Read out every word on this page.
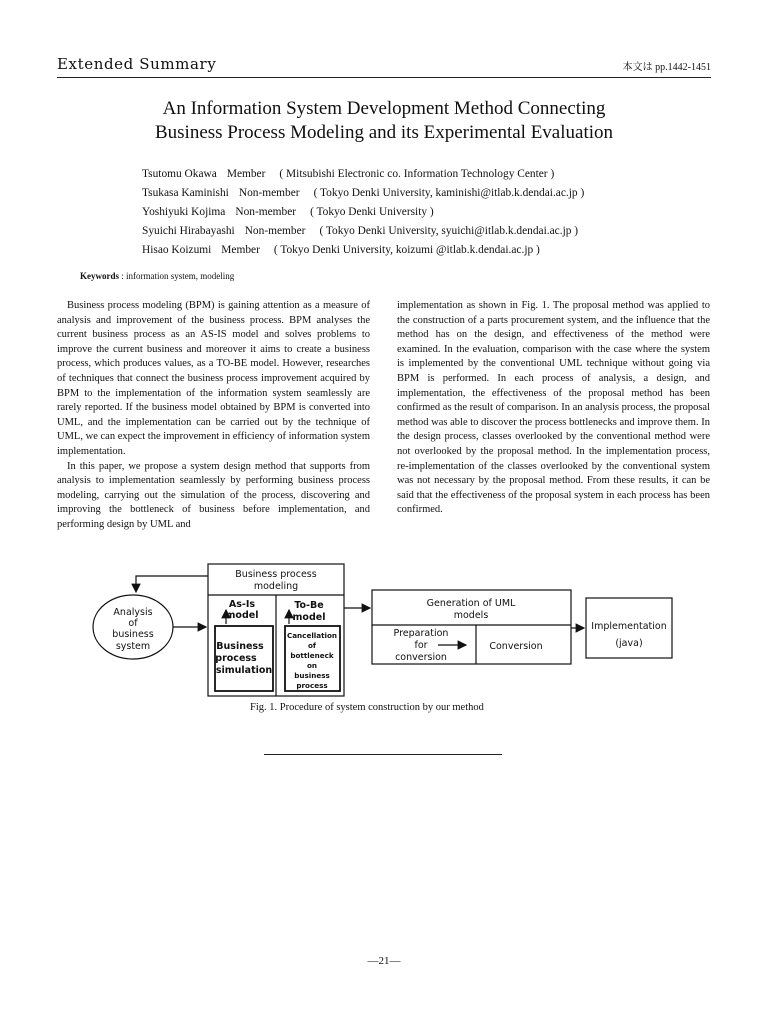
Extended Summary	本文は pp.1442-1451
An Information System Development Method Connecting
Business Process Modeling and its Experimental Evaluation
Tsutomu Okawa Member ( Mitsubishi Electronic co. Information Technology Center )
Tsukasa Kaminishi Non-member ( Tokyo Denki University, kaminishi@itlab.k.dendai.ac.jp )
Yoshiyuki Kojima Non-member ( Tokyo Denki University )
Syuichi Hirabayashi Non-member ( Tokyo Denki University, syuichi@itlab.k.dendai.ac.jp )
Hisao Koizumi Member ( Tokyo Denki University, koizumi @itlab.k.dendai.ac.jp )
Keywords : information system, modeling

Business process modeling (BPM) is gaining attention as a measure of analysis and improvement of the business process. BPM analyses the current business process as an AS-IS model and solves problems to improve the current business and moreover it aims to create a business process, which produces values, as a TO-BE model. However, researches of techniques that connect the business process improvement acquired by BPM to the implementation of the information system seamlessly are rarely reported. If the business model obtained by BPM is converted into UML, and the implementation can be carried out by the technique of UML, we can expect the improvement in efficiency of information system implementation.

In this paper, we propose a system design method that supports from analysis to implementation seamlessly by performing business process modeling, carrying out the simulation of the process, discovering and improving the bottleneck of business before implementation, and performing design by UML and

implementation as shown in Fig. 1. The proposal method was applied to the construction of a parts procurement system, and the influence that the method has on the design, and effectiveness of the method were examined. In the evaluation, comparison with the case where the system is implemented by the conventional UML technique without going via BPM is performed. In each process of analysis, a design, and implementation, the effectiveness of the proposal method has been confirmed as the result of comparison. In an analysis process, the proposal method was able to discover the process bottlenecks and improve them. In the design process, classes overlooked by the conventional method were not overlooked by the proposal method. In the implementation process, re-implementation of the classes overlooked by the conventional system was not necessary by the proposal method. From these results, it can be said that the effectiveness of the proposal system in each process has been confirmed.

Analysis
of
business
system
Business process
modeling
As-Is
model
To-Be
model
Business
process
simulation
Generation of UML
models
Preparation
for
conversion
Conversion
Implementation
(java)
Cancellation
of
bottleneck
on
business
process
Fig. 1. Procedure of system construction by our method
—21—
